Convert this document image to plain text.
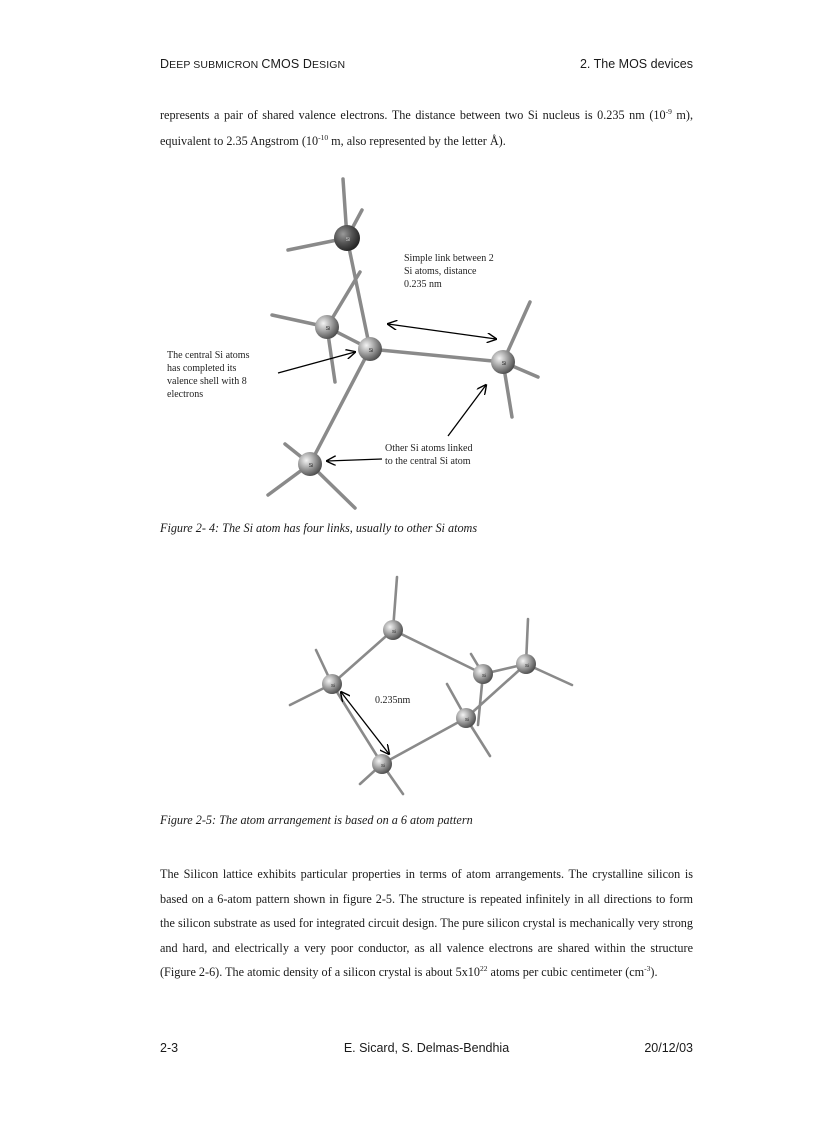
DEEP SUBMICRON CMOS DESIGN	2. The MOS devices
represents a pair of shared valence electrons. The distance between two Si nucleus is 0.235 nm ($10^{-9}$ m), equivalent to 2.35 Angstrom ($10^{-10}$ m, also represented by the letter Å).
Si
Si
Si
Si
Si
Simple link between 2
Si atoms, distance
0.235 nm
The central Si atoms
has completed its
valence shell with 8
electrons
Other Si atoms linked
to the central Si atom
Figure 2- 4: The Si atom has four links, usually to other Si atoms
Si
Si
Si
Si
Si
Si
0.235nm
Figure 2-5: The atom arrangement is based on a 6 atom pattern
The Silicon lattice exhibits particular properties in terms of atom arrangements. The crystalline silicon is based on a 6-atom pattern shown in figure 2-5. The structure is repeated infinitely in all directions to form the silicon substrate as used for integrated circuit design. The pure silicon crystal is mechanically very strong and hard, and electrically a very poor conductor, as all valence electrons are shared within the structure (Figure 2-6). The atomic density of a silicon crystal is about $5x10^{22}$ atoms per cubic centimeter $(cm^{-3})$.
2-3	E. Sicard, S. Delmas-Bendhia	20/12/03
